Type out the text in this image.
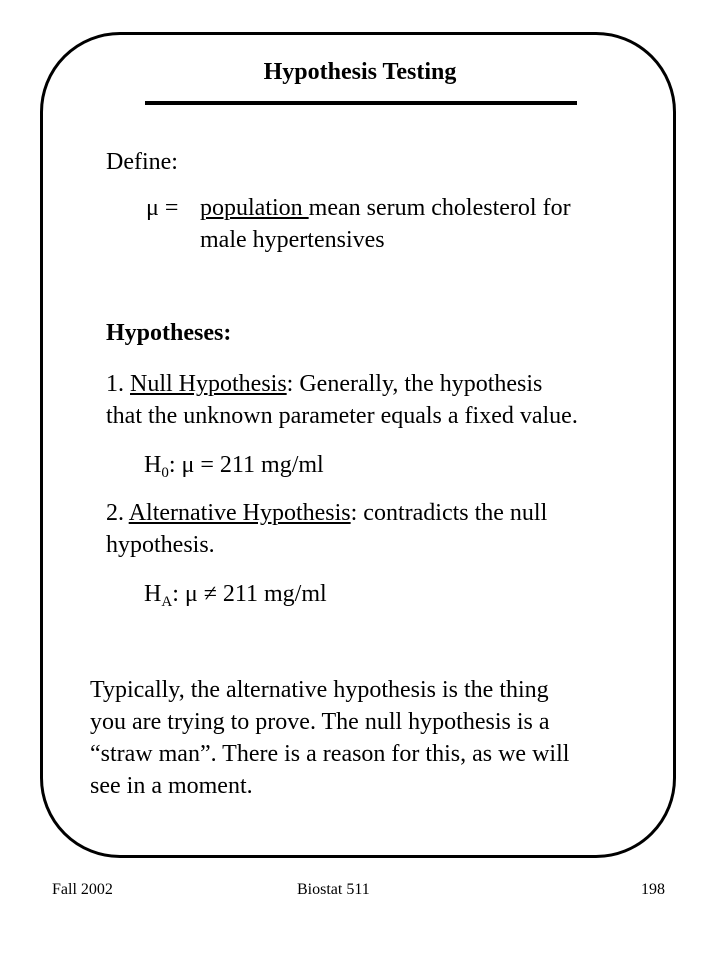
Hypothesis Testing
Define:
μ = population mean serum cholesterol for
male hypertensives
Hypotheses:
1. Null Hypothesis: Generally, the hypothesis
that the unknown parameter equals a fixed value.
$H_0$: μ = 211 mg/ml
2. Alternative Hypothesis: contradicts the null
hypothesis.
$H_A$: μ ≠ 211 mg/ml
Typically, the alternative hypothesis is the thing
you are trying to prove. The null hypothesis is a
“straw man”. There is a reason for this, as we will
see in a moment.
Fall 2002	Biostat 511	198
